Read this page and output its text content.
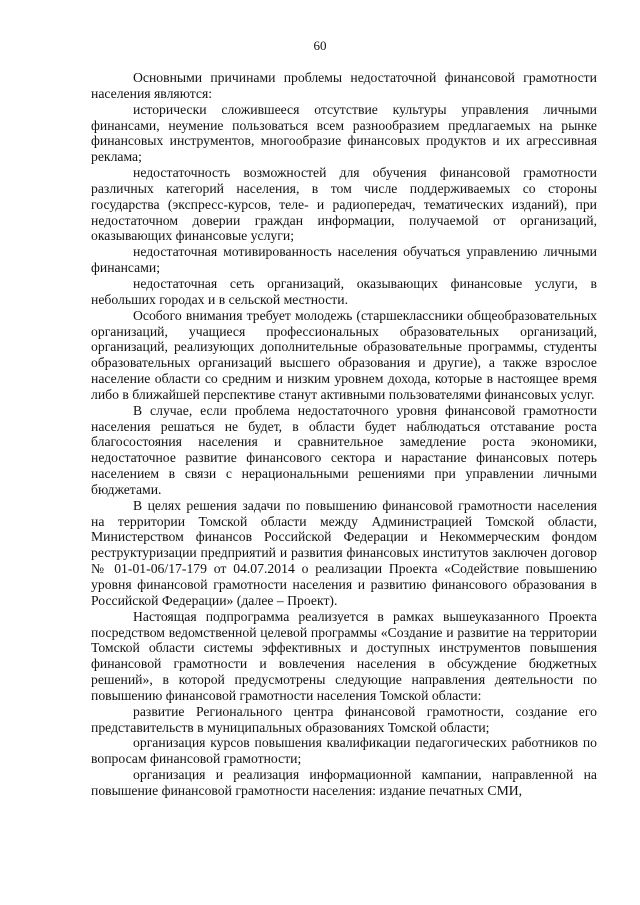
60

Основными причинами проблемы недостаточной финансовой грамотности населения являются:

исторически сложившееся отсутствие культуры управления личными финансами, неумение пользоваться всем разнообразием предлагаемых на рынке финансовых инструментов, многообразие финансовых продуктов и их агрессивная реклама;

недостаточность возможностей для обучения финансовой грамотности различных категорий населения, в том числе поддерживаемых со стороны государства (экспресс-курсов, теле- и радиопередач, тематических изданий), при недостаточном доверии граждан информации, получаемой от организаций, оказывающих финансовые услуги;

недостаточная мотивированность населения обучаться управлению личными финансами;

недостаточная сеть организаций, оказывающих финансовые услуги, в небольших городах и в сельской местности.

Особого внимания требует молодежь (старшеклассники общеобразовательных организаций, учащиеся профессиональных образовательных организаций, организаций, реализующих дополнительные образовательные программы, студенты образовательных организаций высшего образования и другие), а также взрослое население области со средним и низким уровнем дохода, которые в настоящее время либо в ближайшей перспективе станут активными пользователями финансовых услуг.

В случае, если проблема недостаточного уровня финансовой грамотности населения решаться не будет, в области будет наблюдаться отставание роста благосостояния населения и сравнительное замедление роста экономики, недостаточное развитие финансового сектора и нарастание финансовых потерь населением в связи с нерациональными решениями при управлении личными бюджетами.

В целях решения задачи по повышению финансовой грамотности населения на территории Томской области между Администрацией Томской области, Министерством финансов Российской Федерации и Некоммерческим фондом реструктуризации предприятий и развития финансовых институтов заключен договор № 01-01-06/17-179 от 04.07.2014 о реализации Проекта «Содействие повышению уровня финансовой грамотности населения и развитию финансового образования в Российской Федерации» (далее – Проект).

Настоящая подпрограмма реализуется в рамках вышеуказанного Проекта посредством ведомственной целевой программы «Создание и развитие на территории Томской области системы эффективных и доступных инструментов повышения финансовой грамотности и вовлечения населения в обсуждение бюджетных решений», в которой предусмотрены следующие направления деятельности по повышению финансовой грамотности населения Томской области:

развитие Регионального центра финансовой грамотности, создание его представительств в муниципальных образованиях Томской области;

организация курсов повышения квалификации педагогических работников по вопросам финансовой грамотности;

организация и реализация информационной кампании, направленной на повышение финансовой грамотности населения: издание печатных СМИ,
